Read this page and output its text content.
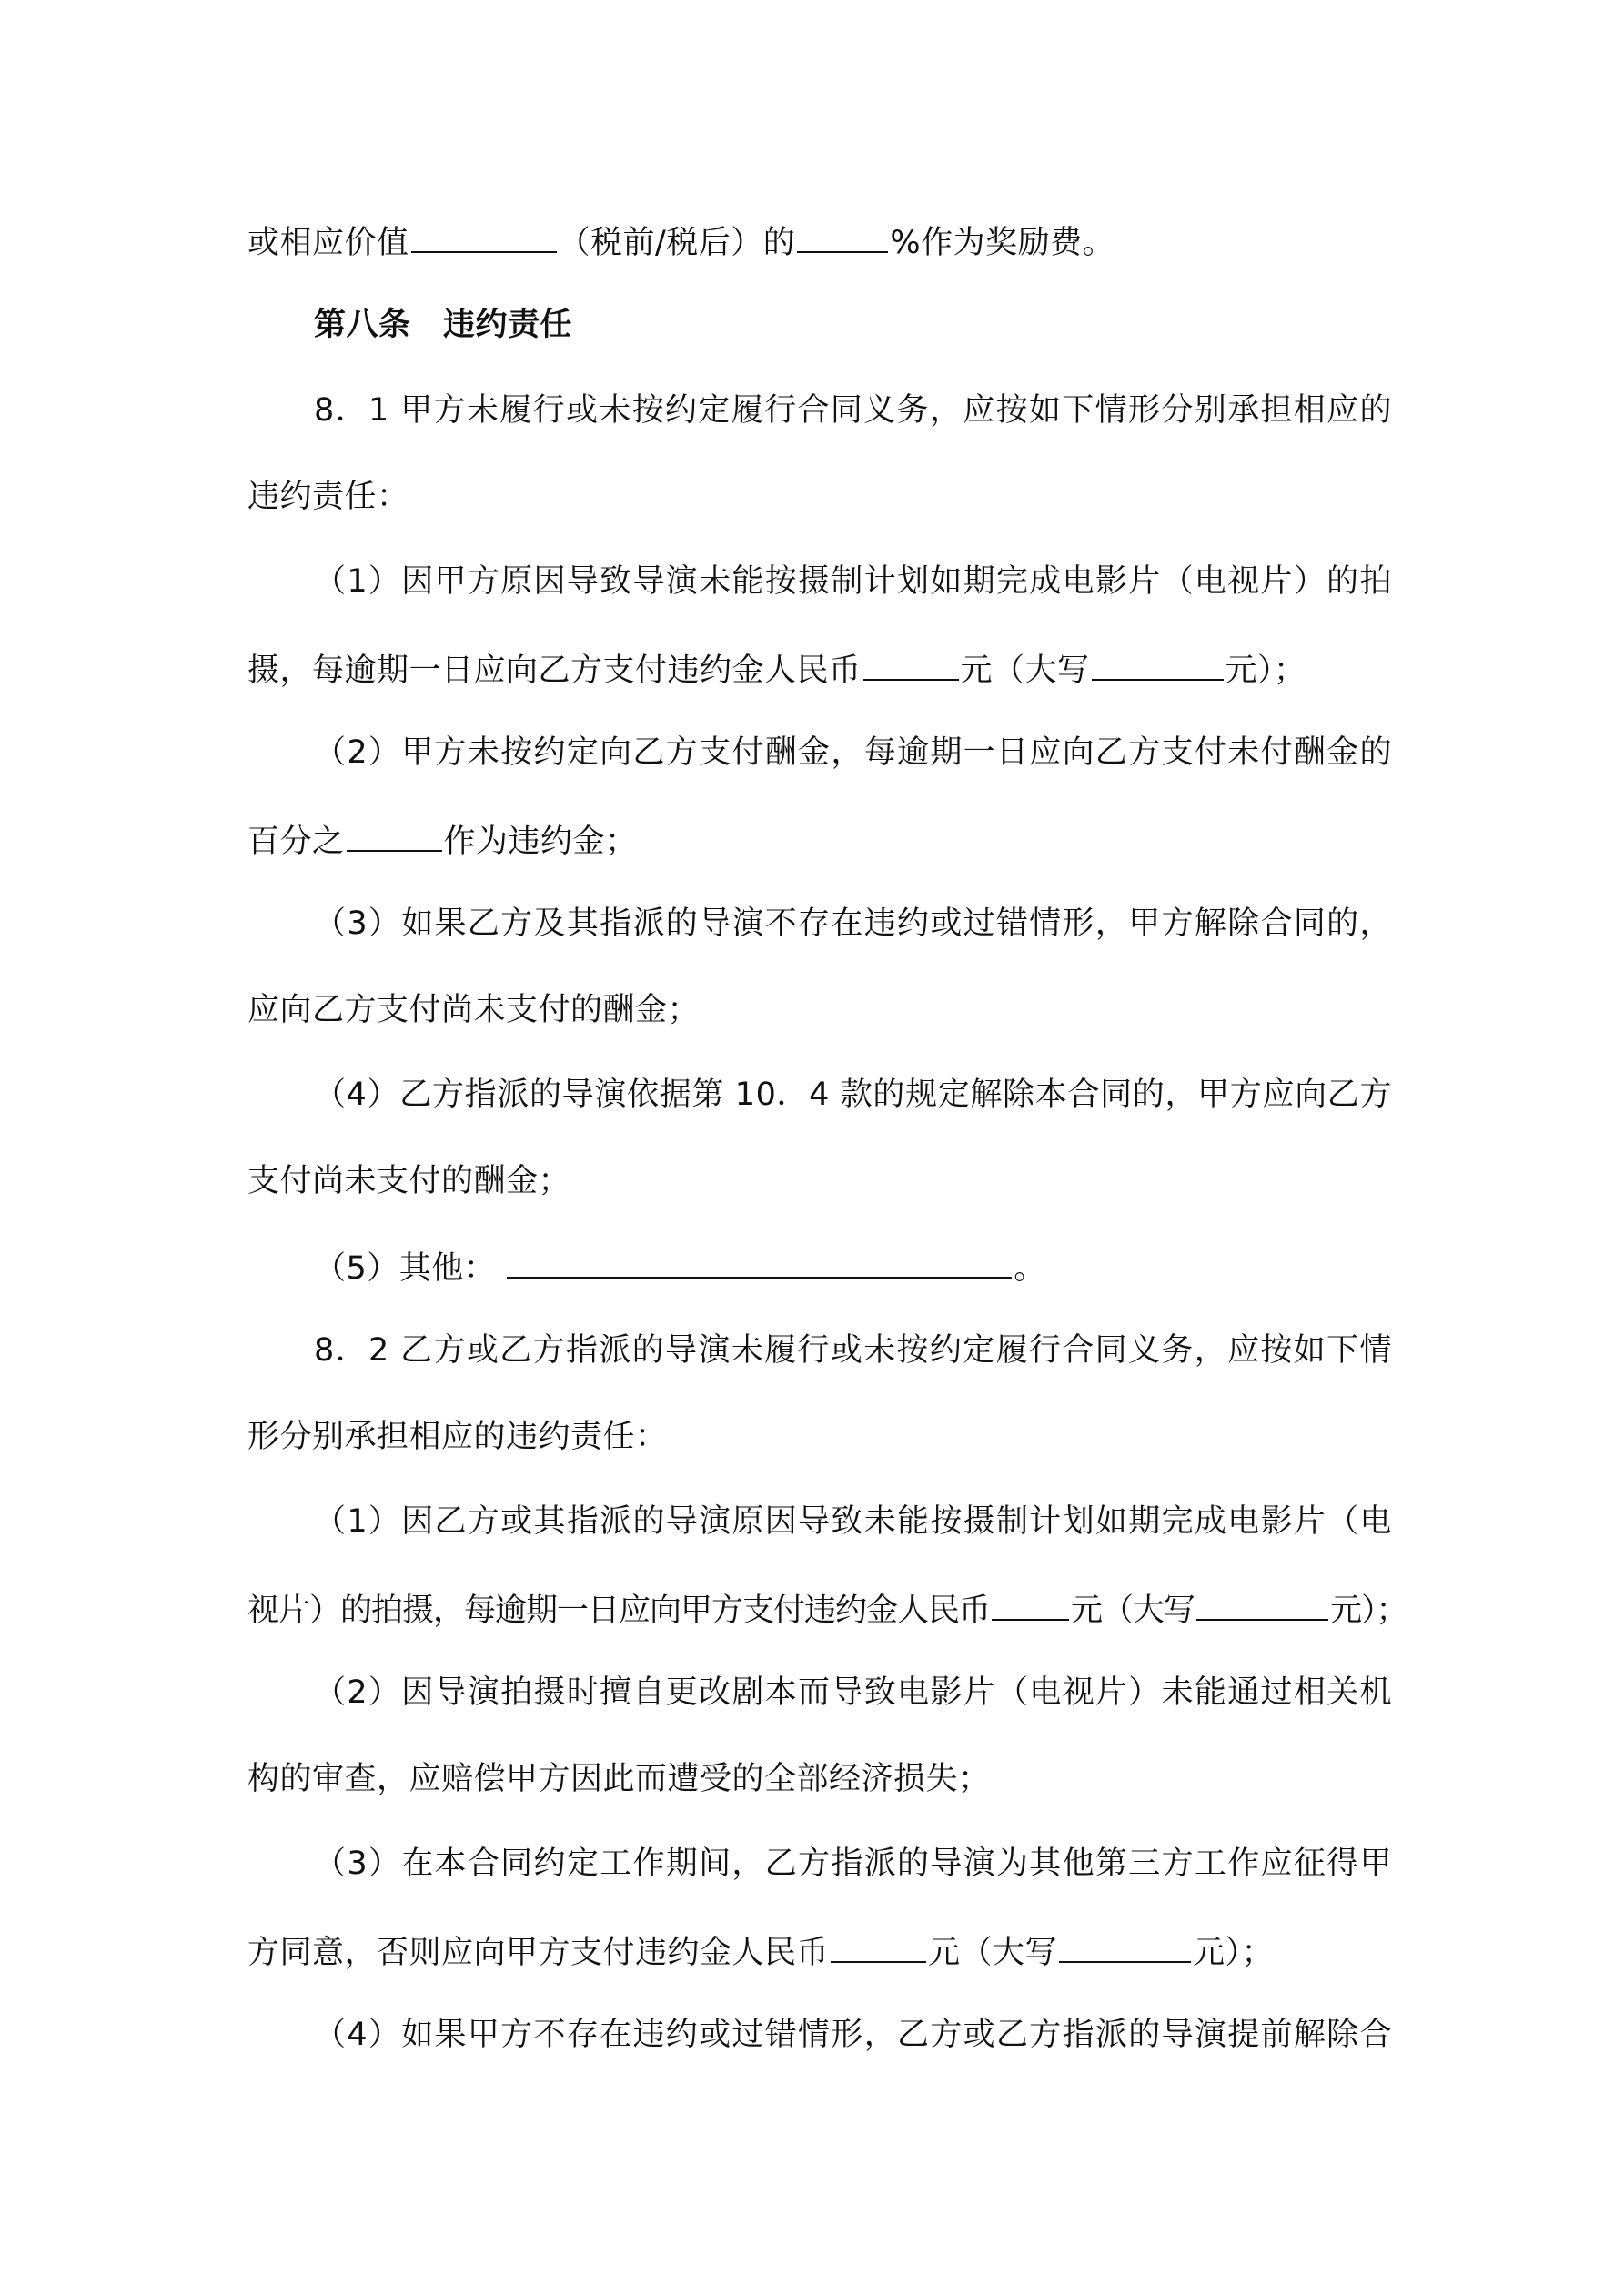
或相应价值	（税前/税后）的	%作为奖励费。
第八条　违约责任
8．1 甲方未履行或未按约定履行合同义务，应按如下情形分别承担相应的
违约责任：
（1）因甲方原因导致导演未能按摄制计划如期完成电影片（电视片）的拍
摄，每逾期一日应向乙方支付违约金人民币	元（大写	元）；
（2）甲方未按约定向乙方支付酬金，每逾期一日应向乙方支付未付酬金的
百分之	作为违约金；
（3）如果乙方及其指派的导演不存在违约或过错情形，甲方解除合同的，
应向乙方支付尚未支付的酬金；
（4）乙方指派的导演依据第 10．4 款的规定解除本合同的，甲方应向乙方
支付尚未支付的酬金；
（5）其他：	。
8．2 乙方或乙方指派的导演未履行或未按约定履行合同义务，应按如下情
形分别承担相应的违约责任：
（1）因乙方或其指派的导演原因导致未能按摄制计划如期完成电影片（电
视片）的拍摄，每逾期一日应向甲方支付违约金人民币	元（大写	元）；
（2）因导演拍摄时擅自更改剧本而导致电影片（电视片）未能通过相关机
构的审查，应赔偿甲方因此而遭受的全部经济损失；
（3）在本合同约定工作期间，乙方指派的导演为其他第三方工作应征得甲
方同意，否则应向甲方支付违约金人民币	元（大写	元）；
（4）如果甲方不存在违约或过错情形，乙方或乙方指派的导演提前解除合
